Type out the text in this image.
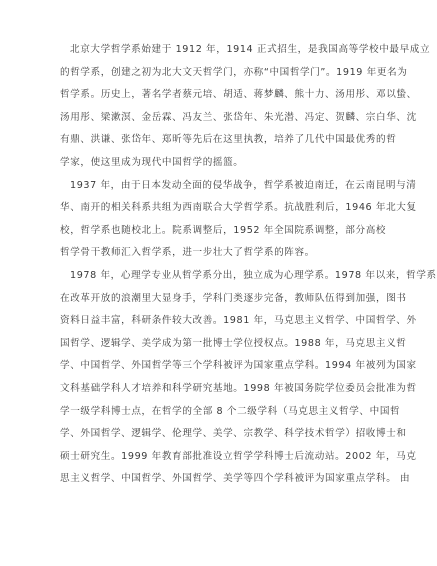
北京大学哲学系始建于 1912 年，1914 正式招生，是我国高等学校中最早成立
的哲学系，创建之初为北大文天哲学门，亦称“中国哲学门”。1919 年更名为
哲学系。历史上，著名学者蔡元培、胡适、蒋梦麟、熊十力、汤用彤、邓以蛰、
汤用彤、梁漱溟、金岳霖、冯友兰、张岱年、朱光潜、冯定、贺麟、宗白华、沈
有鼎、洪谦、张岱年、郑昕等先后在这里执教，培养了几代中国最优秀的哲
学家，使这里成为现代中国哲学的摇篮。
1937 年，由于日本发动全面的侵华战争，哲学系被迫南迁，在云南昆明与清
华、南开的相关科系共组为西南联合大学哲学系。抗战胜利后，1946 年北大复
校，哲学系也随校北上。院系调整后，1952 年全国院系调整，部分高校
哲学骨干教师汇入哲学系，进一步壮大了哲学系的阵容。
1978 年，心理学专业从哲学系分出，独立成为心理学系。1978 年以来，哲学系
在改革开放的浪潮里大显身手，学科门类逐步完备，教师队伍得到加强，图书
资料日益丰富，科研条件较大改善。1981 年，马克思主义哲学、中国哲学、外
国哲学、逻辑学、美学成为第一批博士学位授权点。1988 年，马克思主义哲
学、中国哲学、外国哲学等三个学科被评为国家重点学科。1994 年被列为国家
文科基础学科人才培养和科学研究基地。1998 年被国务院学位委员会批准为哲
学一级学科博士点，在哲学的全部 8 个二级学科（马克思主义哲学、中国哲
学、外国哲学、逻辑学、伦理学、美学、宗教学、科学技术哲学）招收博士和
硕士研究生。1999 年教育部批准设立哲学学科博士后流动站。2002 年，马克
思主义哲学、中国哲学、外国哲学、美学等四个学科被评为国家重点学科。 由
